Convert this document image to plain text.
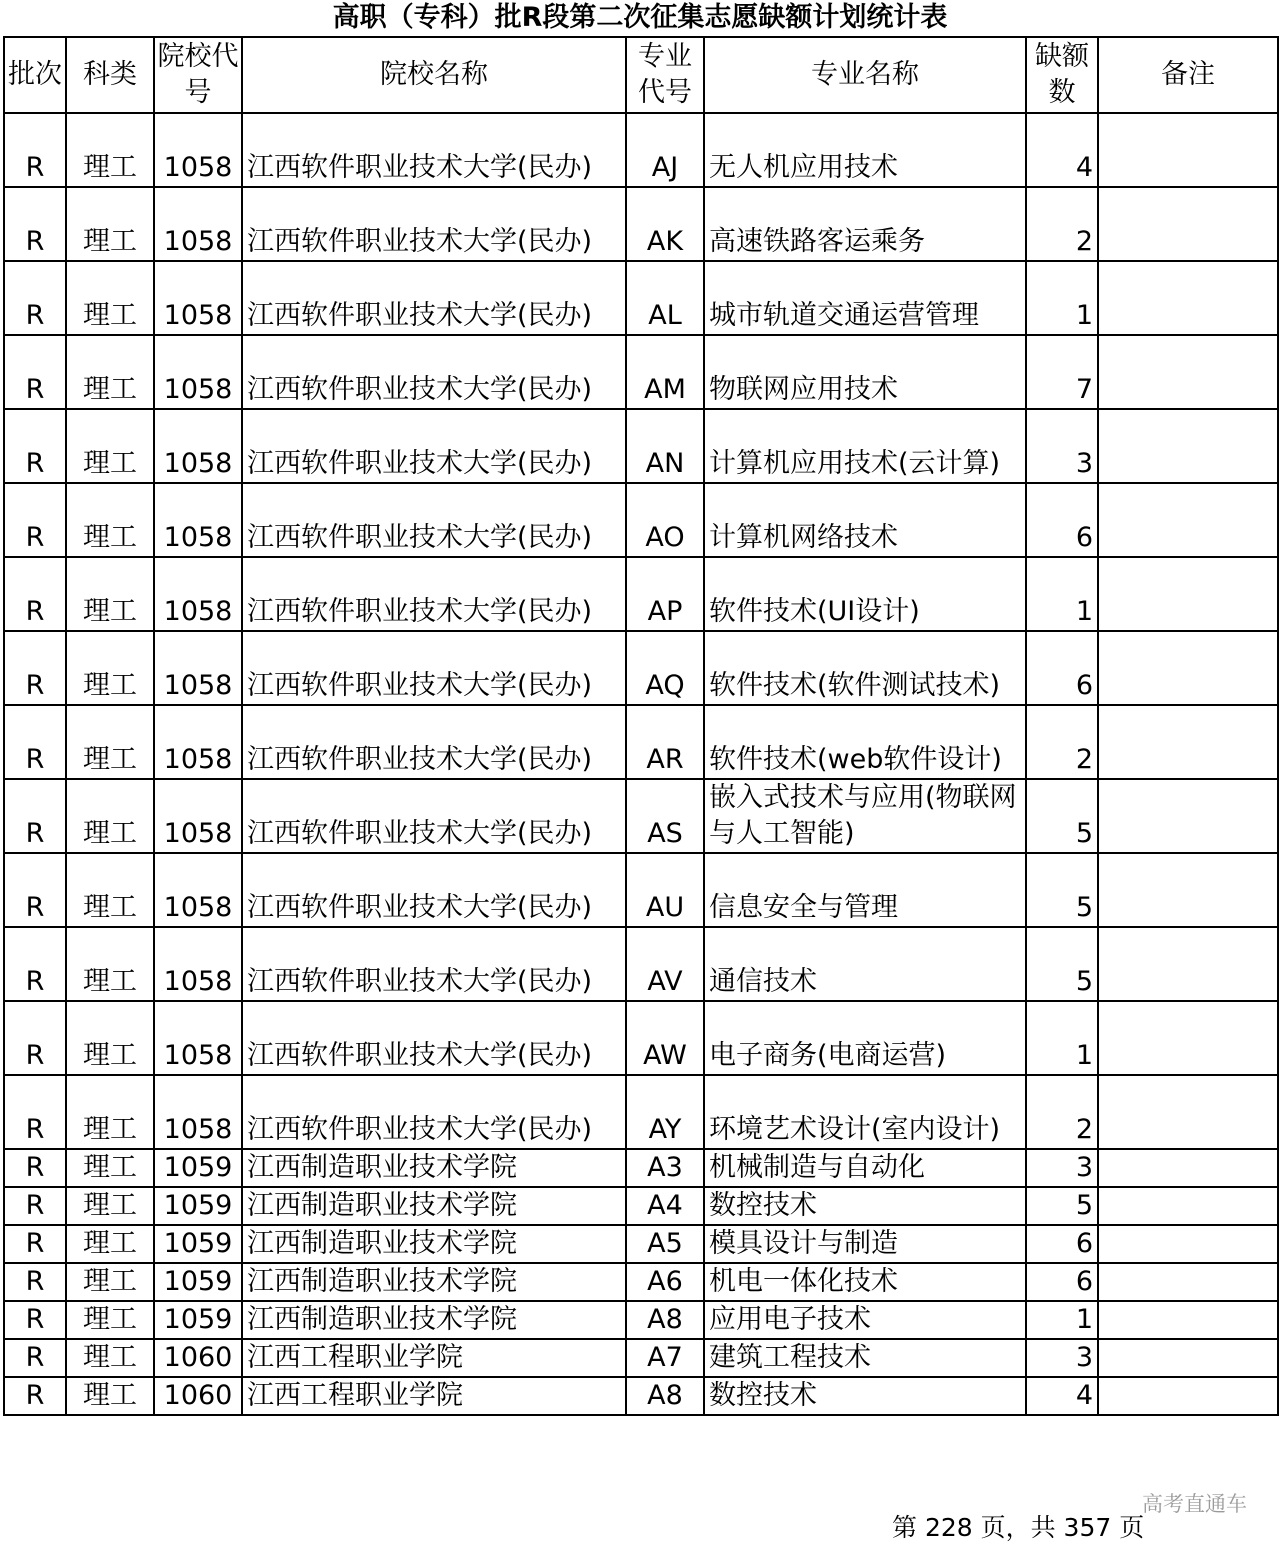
高职（专科）批R段第二次征集志愿缺额计划统计表
批次	科类	院校代号	院校名称	专业代号	专业名称	缺额数	备注
R	理工	1058	江西软件职业技术大学(民办)	AJ	无人机应用技术	4	
R	理工	1058	江西软件职业技术大学(民办)	AK	高速铁路客运乘务	2	
R	理工	1058	江西软件职业技术大学(民办)	AL	城市轨道交通运营管理	1	
R	理工	1058	江西软件职业技术大学(民办)	AM	物联网应用技术	7	
R	理工	1058	江西软件职业技术大学(民办)	AN	计算机应用技术(云计算)	3	
R	理工	1058	江西软件职业技术大学(民办)	AO	计算机网络技术	6	
R	理工	1058	江西软件职业技术大学(民办)	AP	软件技术(UI设计)	1	
R	理工	1058	江西软件职业技术大学(民办)	AQ	软件技术(软件测试技术)	6	
R	理工	1058	江西软件职业技术大学(民办)	AR	软件技术(web软件设计)	2	
R	理工	1058	江西软件职业技术大学(民办)	AS	嵌入式技术与应用(物联网与人工智能)	5	
R	理工	1058	江西软件职业技术大学(民办)	AU	信息安全与管理	5	
R	理工	1058	江西软件职业技术大学(民办)	AV	通信技术	5	
R	理工	1058	江西软件职业技术大学(民办)	AW	电子商务(电商运营)	1	
R	理工	1058	江西软件职业技术大学(民办)	AY	环境艺术设计(室内设计)	2	
R	理工	1059	江西制造职业技术学院	A3	机械制造与自动化	3	
R	理工	1059	江西制造职业技术学院	A4	数控技术	5	
R	理工	1059	江西制造职业技术学院	A5	模具设计与制造	6	
R	理工	1059	江西制造职业技术学院	A6	机电一体化技术	6	
R	理工	1059	江西制造职业技术学院	A8	应用电子技术	1	
R	理工	1060	江西工程职业学院	A7	建筑工程技术	3	
R	理工	1060	江西工程职业学院	A8	数控技术	4	
第 228 页，共 357 页
高考直通车
